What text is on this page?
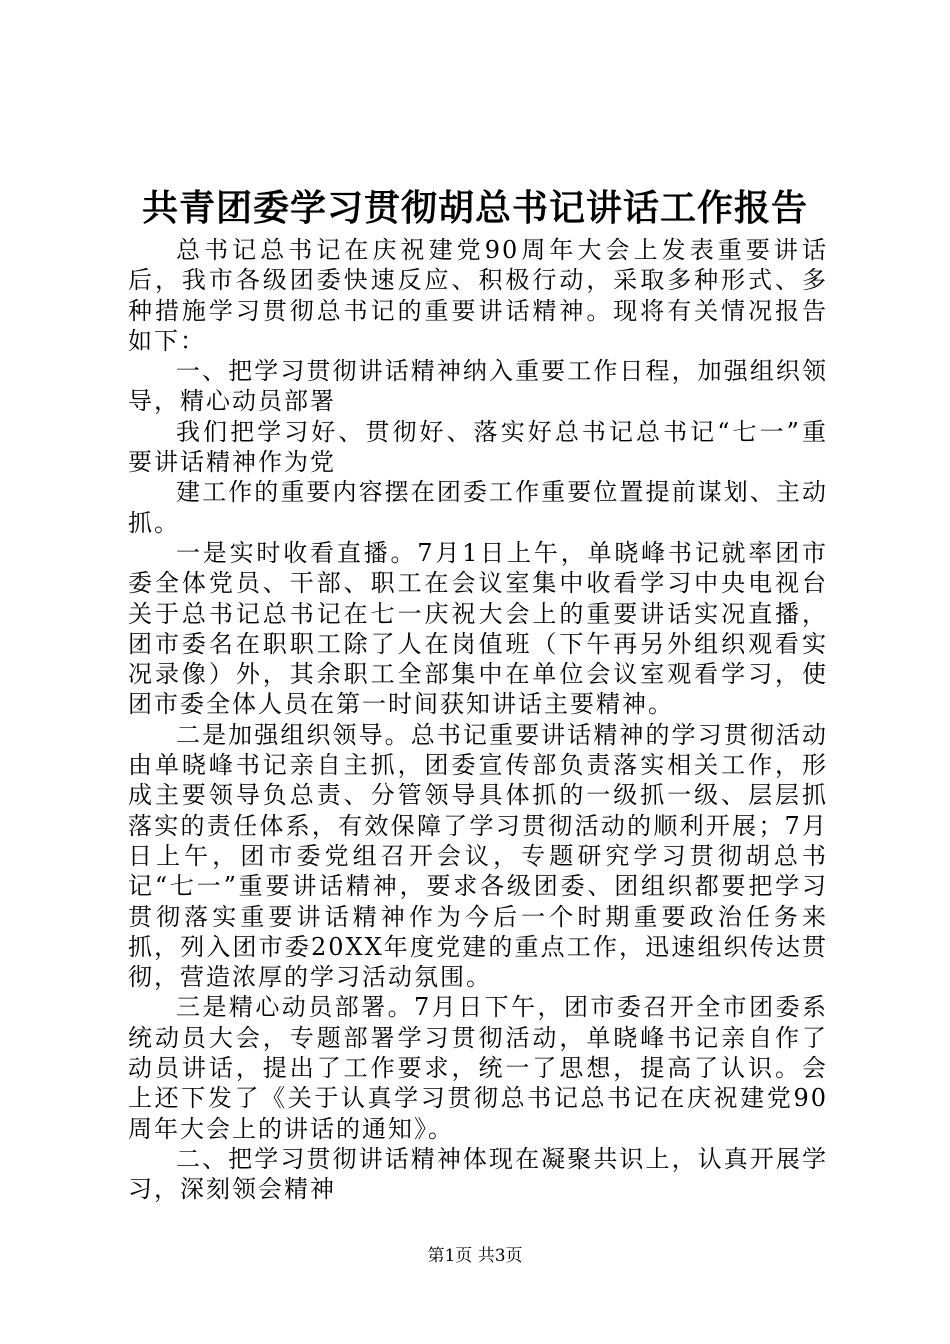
共青团委学习贯彻胡总书记讲话工作报告

总书记总书记在庆祝建党90周年大会上发表重要讲话后，我市各级团委快速反应、积极行动，采取多种形式、多种措施学习贯彻总书记的重要讲话精神。现将有关情况报告如下：

一、把学习贯彻讲话精神纳入重要工作日程，加强组织领导，精心动员部署

我们把学习好、贯彻好、落实好总书记总书记“七一”重要讲话精神作为党

建工作的重要内容摆在团委工作重要位置提前谋划、主动抓。

一是实时收看直播。7月1日上午，单晓峰书记就率团市委全体党员、干部、职工在会议室集中收看学习中央电视台关于总书记总书记在七一庆祝大会上的重要讲话实况直播，团市委名在职职工除了人在岗值班（下午再另外组织观看实况录像）外，其余职工全部集中在单位会议室观看学习，使团市委全体人员在第一时间获知讲话主要精神。

二是加强组织领导。总书记重要讲话精神的学习贯彻活动由单晓峰书记亲自主抓，团委宣传部负责落实相关工作，形成主要领导负总责、分管领导具体抓的一级抓一级、层层抓落实的责任体系，有效保障了学习贯彻活动的顺利开展；7月日上午，团市委党组召开会议，专题研究学习贯彻胡总书记“七一”重要讲话精神，要求各级团委、团组织都要把学习贯彻落实重要讲话精神作为今后一个时期重要政治任务来抓，列入团市委20XX年度党建的重点工作，迅速组织传达贯彻，营造浓厚的学习活动氛围。

三是精心动员部署。7月日下午，团市委召开全市团委系统动员大会，专题部署学习贯彻活动，单晓峰书记亲自作了动员讲话，提出了工作要求，统一了思想，提高了认识。会上还下发了《关于认真学习贯彻总书记总书记在庆祝建党90周年大会上的讲话的通知》。

二、把学习贯彻讲话精神体现在凝聚共识上，认真开展学习，深刻领会精神

第1页 共3页
